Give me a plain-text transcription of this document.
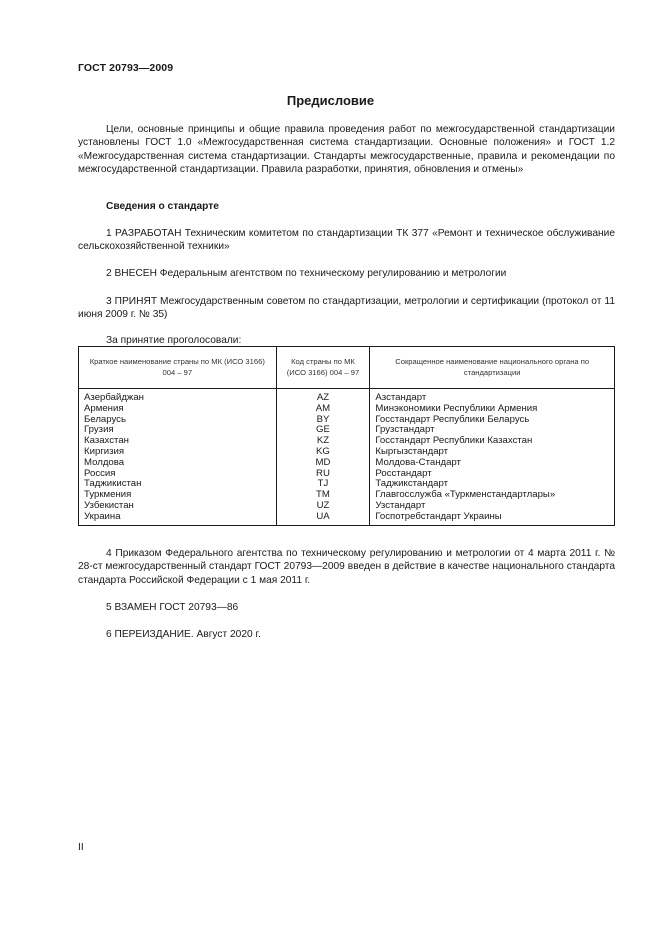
ГОСТ 20793—2009
Предисловие
Цели, основные принципы и общие правила проведения работ по межгосударственной стандартизации установлены ГОСТ 1.0 «Межгосударственная система стандартизации. Основные положения» и ГОСТ 1.2 «Межгосударственная система стандартизации. Стандарты межгосударственные, правила и рекомендации по межгосударственной стандартизации. Правила разработки, принятия, обновления и отмены»
Сведения о стандарте
1 РАЗРАБОТАН Техническим комитетом по стандартизации ТК 377 «Ремонт и техническое обслуживание сельскохозяйственной техники»
2 ВНЕСЕН Федеральным агентством по техническому регулированию и метрологии
3 ПРИНЯТ Межгосударственным советом по стандартизации, метрологии и сертификации (протокол от 11 июня 2009 г. № 35)
За принятие проголосовали:
Краткое наименование страны по МК (ИСО 3166) 004 – 97	Код страны по МК (ИСО 3166) 004 – 97	Сокращенное наименование национального органа по стандартизации
Азербайджан	AZ	Азстандарт
Армения	AM	Минэкономики Республики Армения
Беларусь	BY	Госстандарт Республики Беларусь
Грузия	GE	Грузстандарт
Казахстан	KZ	Госстандарт Республики Казахстан
Киргизия	KG	Кыргызстандарт
Молдова	MD	Молдова-Стандарт
Россия	RU	Росстандарт
Таджикистан	TJ	Таджикстандарт
Туркмения	TM	Главгосслужба «Туркменстандартлары»
Узбекистан	UZ	Узстандарт
Украина	UA	Госпотребстандарт Украины
4 Приказом Федерального агентства по техническому регулированию и метрологии от 4 марта 2011 г. № 28-ст межгосударственный стандарт ГОСТ 20793—2009 введен в действие в качестве национального стандарта стандарта Российской Федерации с 1 мая 2011 г.
5 ВЗАМЕН ГОСТ 20793—86
6 ПЕРЕИЗДАНИЕ. Август 2020 г.
II
